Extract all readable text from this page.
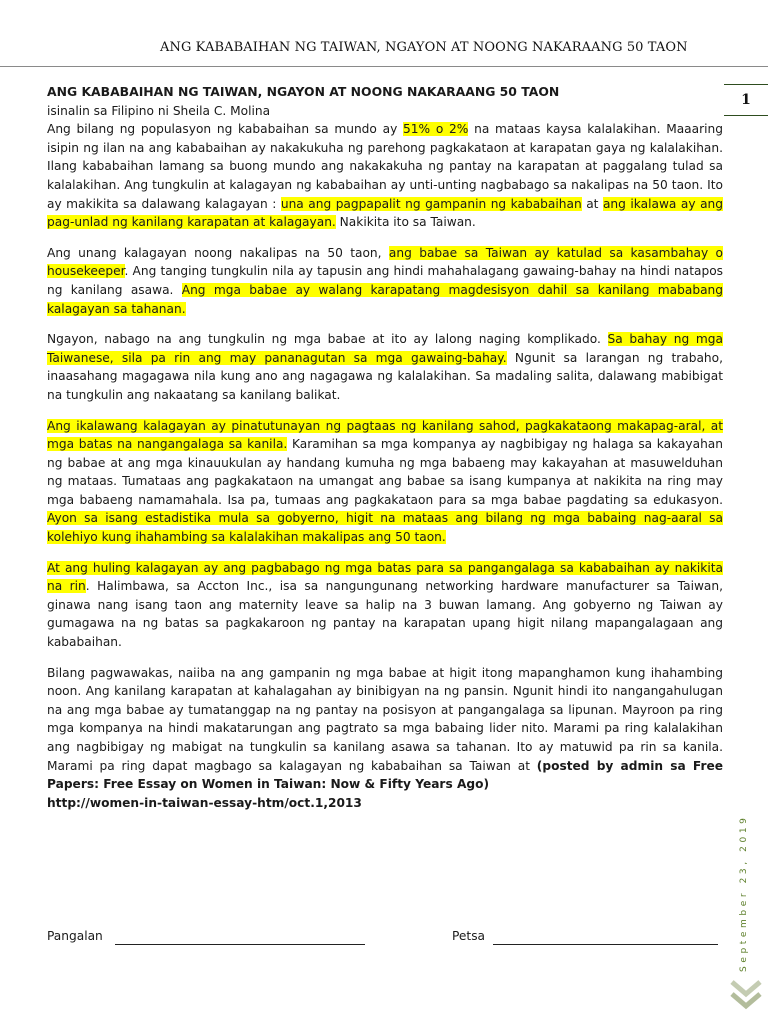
ANG KABABAIHAN NG TAIWAN, NGAYON AT NOONG NAKARAANG 50 TAON
1

ANG KABABAIHAN NG TAIWAN, NGAYON AT NOONG NAKARAANG 50 TAON

isinalin sa Filipino ni Sheila C. Molina

Ang bilang ng populasyon ng kababaihan sa mundo ay 51% o 2% na mataas kaysa kalalakihan. Maaaring isipin ng ilan na ang kababaihan ay nakakukuha ng parehong pagkakataon at karapatan gaya ng kalalakihan. Ilang kababaihan lamang sa buong mundo ang nakakakuha ng pantay na karapatan at paggalang tulad sa kalalakihan. Ang tungkulin at kalagayan ng kababaihan ay unti-unting nagbabago sa nakalipas na 50 taon. Ito ay makikita sa dalawang kalagayan : una ang pagpapalit ng gampanin ng kababaihan at ang ikalawa ay ang pag-unlad ng kanilang karapatan at kalagayan. Nakikita ito sa Taiwan.

Ang unang kalagayan noong nakalipas na 50 taon, ang babae sa Taiwan ay katulad sa kasambahay o housekeeper. Ang tanging tungkulin nila ay tapusin ang hindi mahahalagang gawaing-bahay na hindi natapos ng kanilang asawa. Ang mga babae ay walang karapatang magdesisyon dahil sa kanilang mababang kalagayan sa tahanan.

Ngayon, nabago na ang tungkulin ng mga babae at ito ay lalong naging komplikado. Sa bahay ng mga Taiwanese, sila pa rin ang may pananagutan sa mga gawaing-bahay. Ngunit sa larangan ng trabaho, inaasahang magagawa nila kung ano ang nagagawa ng kalalakihan. Sa madaling salita, dalawang mabibigat na tungkulin ang nakaatang sa kanilang balikat.

Ang ikalawang kalagayan ay pinatutunayan ng pagtaas ng kanilang sahod, pagkakataong makapag-aral, at mga batas na nangangalaga sa kanila. Karamihan sa mga kompanya ay nagbibigay ng halaga sa kakayahan ng babae at ang mga kinauukulan ay handang kumuha ng mga babaeng may kakayahan at masuwelduhan ng mataas. Tumataas ang pagkakataon na umangat ang babae sa isang kumpanya at nakikita na ring may mga babaeng namamahala. Isa pa, tumaas ang pagkakataon para sa mga babae pagdating sa edukasyon. Ayon sa isang estadistika mula sa gobyerno, higit na mataas ang bilang ng mga babaing nag-aaral sa kolehiyo kung ihahambing sa kalalakihan makalipas ang 50 taon.

At ang huling kalagayan ay ang pagbabago ng mga batas para sa pangangalaga sa kababaihan ay nakikita na rin. Halimbawa, sa Accton Inc., isa sa nangungunang networking hardware manufacturer sa Taiwan, ginawa nang isang taon ang maternity leave sa halip na 3 buwan lamang. Ang gobyerno ng Taiwan ay gumagawa na ng batas sa pagkakaroon ng pantay na karapatan upang higit nilang mapangalagaan ang kababaihan.

Bilang pagwawakas, naiiba na ang gampanin ng mga babae at higit itong mapanghamon kung ihahambing noon. Ang kanilang karapatan at kahalagahan ay binibigyan na ng pansin. Ngunit hindi ito nangangahulugan na ang mga babae ay tumatanggap na ng pantay na posisyon at pangangalaga sa lipunan. Mayroon pa ring mga kompanya na hindi makatarungan ang pagtrato sa mga babaing lider nito. Marami pa ring kalalakihan ang nagbibigay ng mabigat na tungkulin sa kanilang asawa sa tahanan. Ito ay matuwid pa rin sa kanila. Marami pa ring dapat magbago sa kalagayan ng kababaihan sa Taiwan at (posted by admin sa Free Papers: Free Essay on Women in Taiwan: Now & Fifty Years Ago)
http://women-in-taiwan-essay-htm/oct.1,2013

Pangalan	Petsa	September 23, 2019
